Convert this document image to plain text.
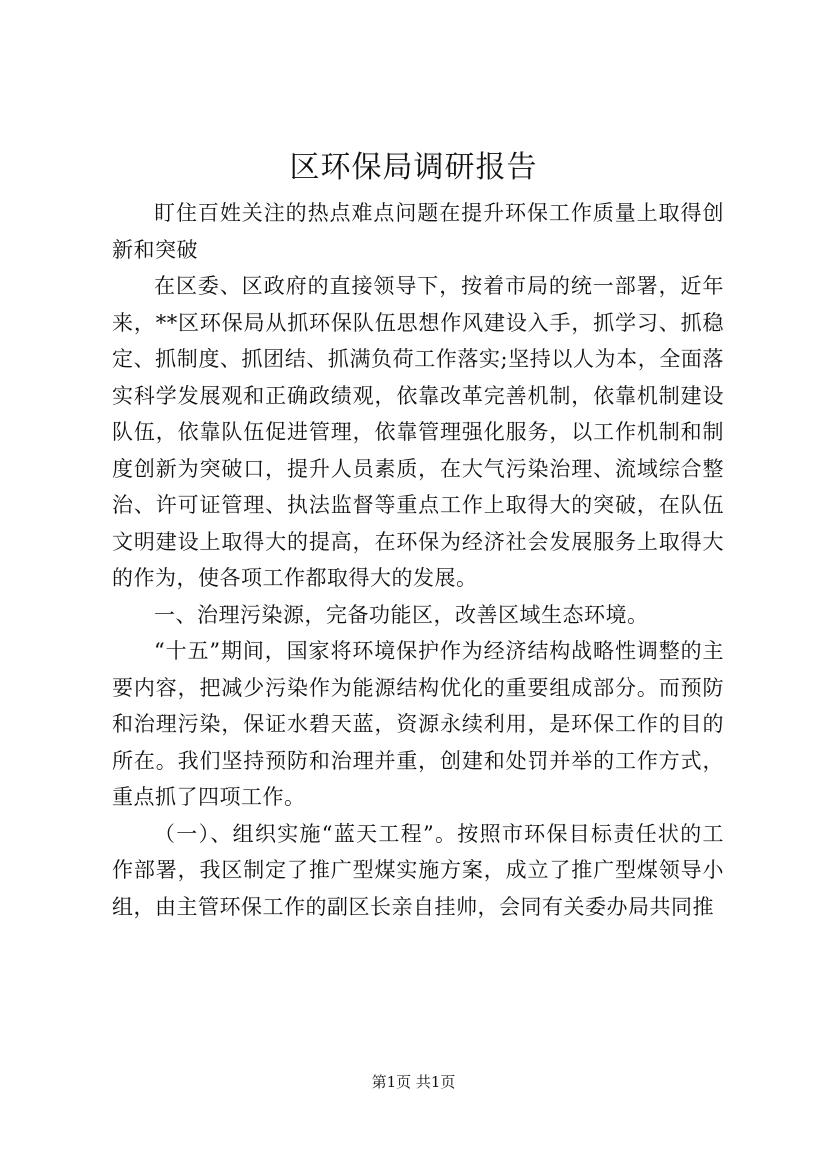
区环保局调研报告

盯住百姓关注的热点难点问题在提升环保工作质量上取得创新和突破

在区委、区政府的直接领导下，按着市局的统一部署，近年来，**区环保局从抓环保队伍思想作风建设入手，抓学习、抓稳定、抓制度、抓团结、抓满负荷工作落实;坚持以人为本，全面落实科学发展观和正确政绩观，依靠改革完善机制，依靠机制建设队伍，依靠队伍促进管理，依靠管理强化服务，以工作机制和制度创新为突破口，提升人员素质，在大气污染治理、流域综合整治、许可证管理、执法监督等重点工作上取得大的突破，在队伍文明建设上取得大的提高，在环保为经济社会发展服务上取得大的作为，使各项工作都取得大的发展。

一、治理污染源，完备功能区，改善区域生态环境。

“十五”期间，国家将环境保护作为经济结构战略性调整的主要内容，把减少污染作为能源结构优化的重要组成部分。而预防和治理污染，保证水碧天蓝，资源永续利用，是环保工作的目的所在。我们坚持预防和治理并重，创建和处罚并举的工作方式，重点抓了四项工作。

（一）、组织实施“蓝天工程”。按照市环保目标责任状的工作部署，我区制定了推广型煤实施方案，成立了推广型煤领导小组，由主管环保工作的副区长亲自挂帅，会同有关委办局共同推

第1页 共1页
